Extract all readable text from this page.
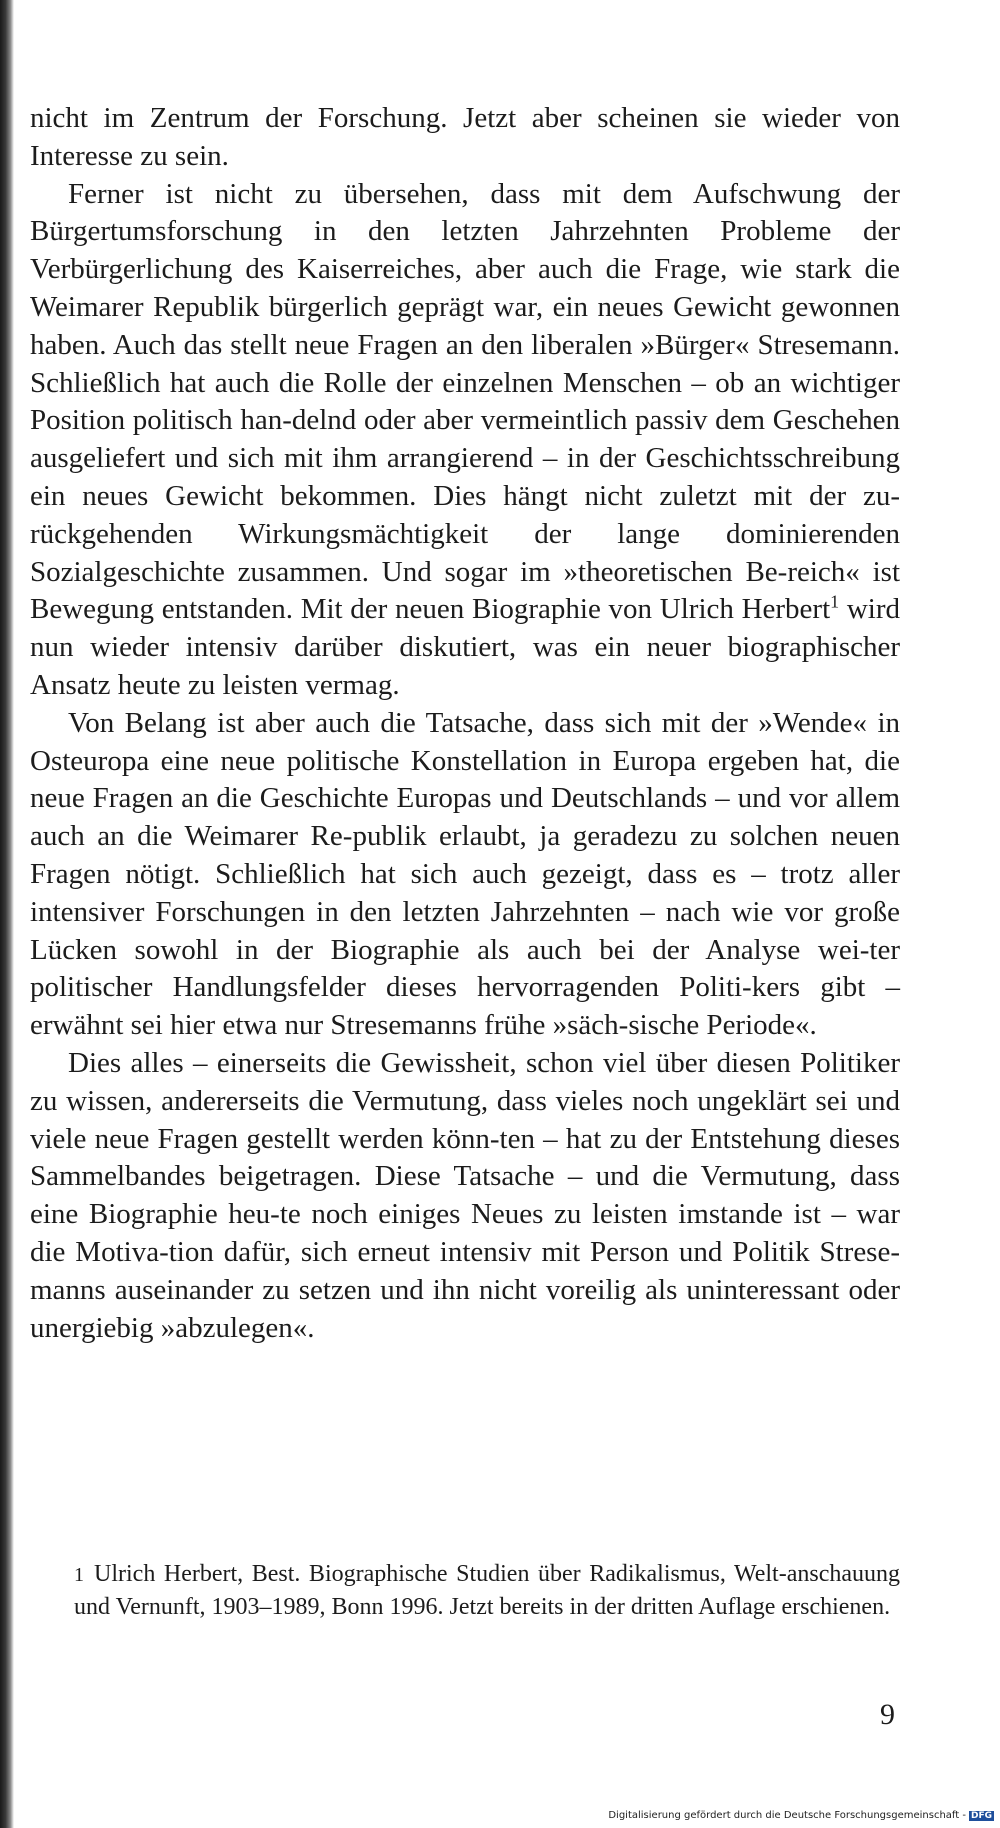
nicht im Zentrum der Forschung. Jetzt aber scheinen sie wieder von Interesse zu sein.

Ferner ist nicht zu übersehen, dass mit dem Aufschwung der Bürgertumsforschung in den letzten Jahrzehnten Probleme der Verbürgerlichung des Kaiserreiches, aber auch die Frage, wie stark die Weimarer Republik bürgerlich geprägt war, ein neues Gewicht gewonnen haben. Auch das stellt neue Fragen an den liberalen »Bürger« Stresemann. Schließlich hat auch die Rolle der einzelnen Menschen – ob an wichtiger Position politisch han-delnd oder aber vermeintlich passiv dem Geschehen ausgeliefert und sich mit ihm arrangierend – in der Geschichtsschreibung ein neues Gewicht bekommen. Dies hängt nicht zuletzt mit der zu-rückgehenden Wirkungsmächtigkeit der lange dominierenden Sozialgeschichte zusammen. Und sogar im »theoretischen Be-reich« ist Bewegung entstanden. Mit der neuen Biographie von Ulrich Herbert$^1$ wird nun wieder intensiv darüber diskutiert, was ein neuer biographischer Ansatz heute zu leisten vermag.

Von Belang ist aber auch die Tatsache, dass sich mit der »Wende« in Osteuropa eine neue politische Konstellation in Europa ergeben hat, die neue Fragen an die Geschichte Europas und Deutschlands – und vor allem auch an die Weimarer Re-publik erlaubt, ja geradezu zu solchen neuen Fragen nötigt. Schließlich hat sich auch gezeigt, dass es – trotz aller intensiver Forschungen in den letzten Jahrzehnten – nach wie vor große Lücken sowohl in der Biographie als auch bei der Analyse wei-ter politischer Handlungsfelder dieses hervorragenden Politi-kers gibt – erwähnt sei hier etwa nur Stresemanns frühe »säch-sische Periode«.

Dies alles – einerseits die Gewissheit, schon viel über diesen Politiker zu wissen, andererseits die Vermutung, dass vieles noch ungeklärt sei und viele neue Fragen gestellt werden könn-ten – hat zu der Entstehung dieses Sammelbandes beigetragen. Diese Tatsache – und die Vermutung, dass eine Biographie heu-te noch einiges Neues zu leisten imstande ist – war die Motiva-tion dafür, sich erneut intensiv mit Person und Politik Strese-manns auseinander zu setzen und ihn nicht voreilig als uninteressant oder unergiebig »abzulegen«.

1 Ulrich Herbert, Best. Biographische Studien über Radikalismus, Welt-anschauung und Vernunft, 1903–1989, Bonn 1996. Jetzt bereits in der dritten Auflage erschienen.
9
Digitalisierung gefördert durch die Deutsche Forschungsgemeinschaft - DFG
